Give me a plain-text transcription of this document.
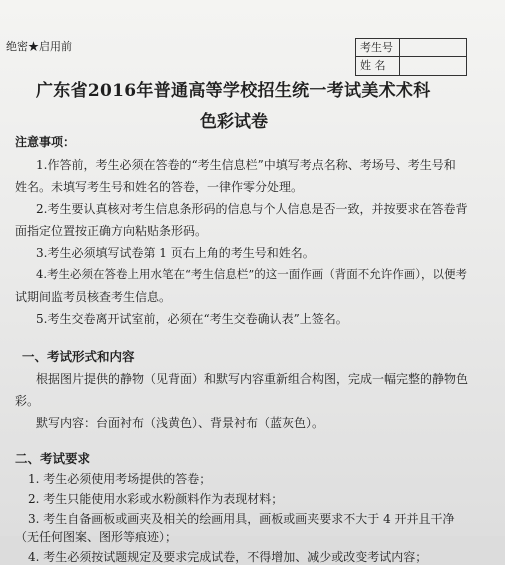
绝密★启用前	考生号
姓 名
广东省2016年普通高等学校招生统一考试美术术科
色彩试卷
注意事项：
1.作答前，考生必须在答卷的“考生信息栏”中填写考点名称、考场号、考生号和
姓名。未填写考生号和姓名的答卷，一律作零分处理。
2.考生要认真核对考生信息条形码的信息与个人信息是否一致，并按要求在答卷背
面指定位置按正确方向粘贴条形码。
3.考生必须填写试卷第 1 页右上角的考生号和姓名。
4.考生必须在答卷上用水笔在“考生信息栏”的这一面作画（背面不允许作画），以便考
试期间监考员核查考生信息。
5.考生交卷离开试室前，必须在“考生交卷确认表”上签名。
一、考试形式和内容
根据图片提供的静物（见背面）和默写内容重新组合构图，完成一幅完整的静物色
彩。
默写内容：台面衬布（浅黄色）、背景衬布（蓝灰色）。
二、考试要求
1. 考生必须使用考场提供的答卷；
2. 考生只能使用水彩或水粉颜料作为表现材料；
3. 考生自备画板或画夹及相关的绘画用具，画板或画夹要求不大于 4 开并且干净
（无任何图案、图形等痕迹）；
4. 考生必须按试题规定及要求完成试卷，不得增加、减少或改变考试内容；
